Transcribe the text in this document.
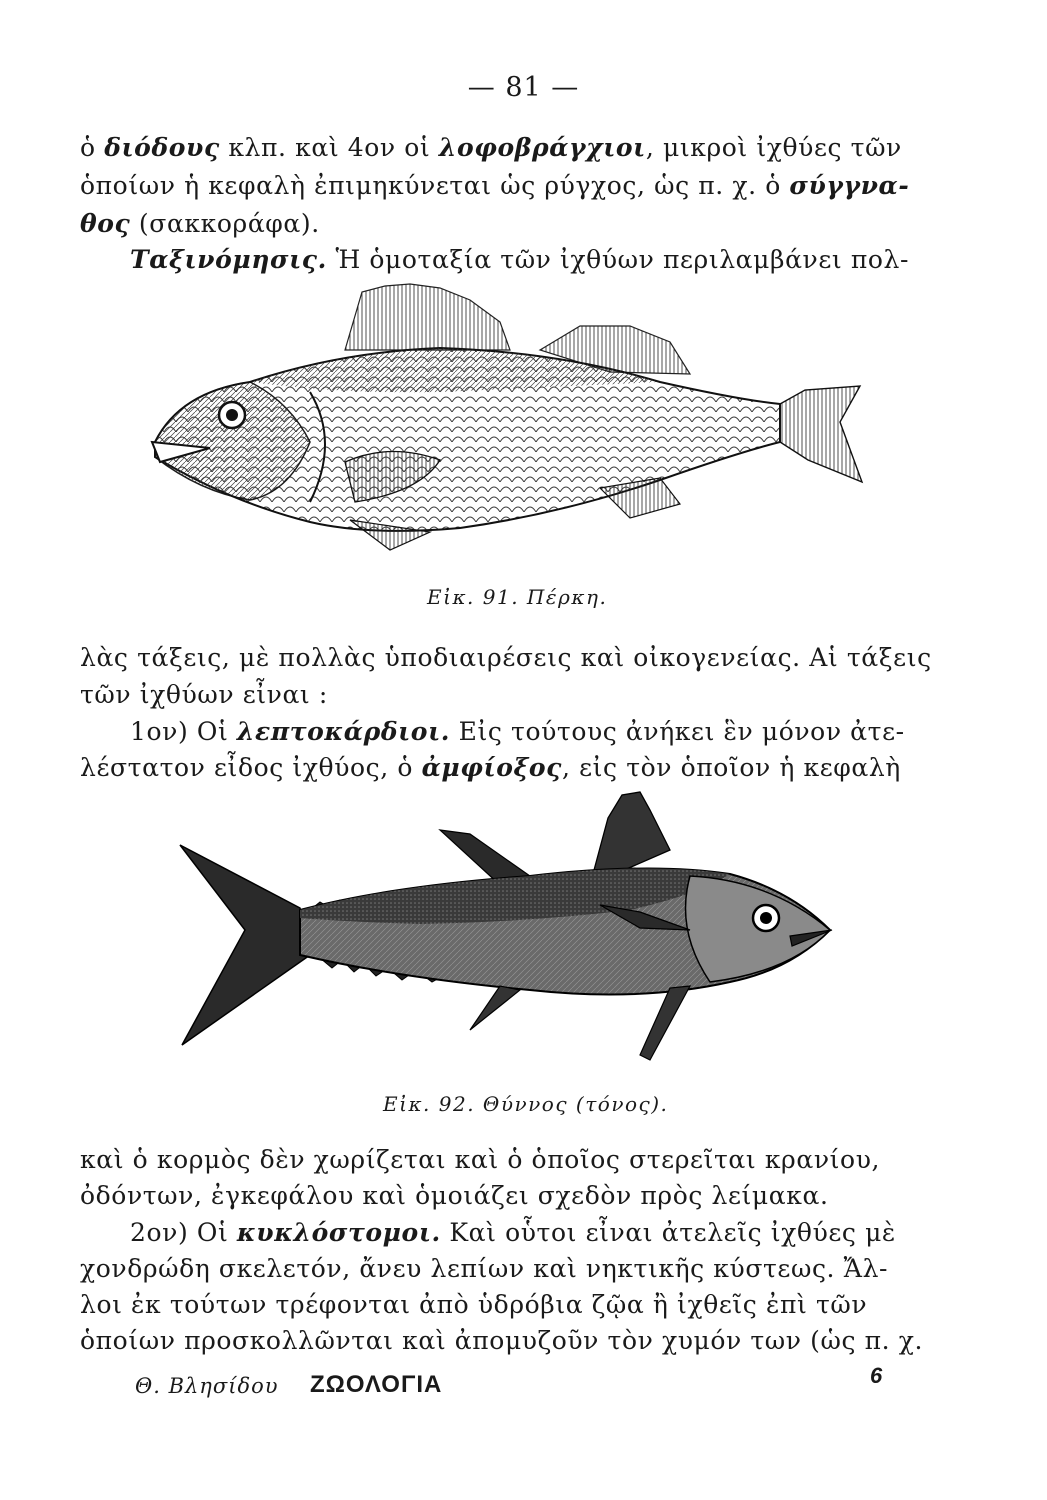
— 81 —
ὁ διόδους κλπ. καὶ 4ον οἱ λοφοβράγχιοι, μικροὶ ἰχθύες τῶν
ὁποίων ἡ κεφαλὴ ἐπιμηκύνεται ὡς ρύγχος, ὡς π. χ. ὁ σύγγνα-
θος (σακκοράφα).
Ταξινόμησις. Ἡ ὁμοταξία τῶν ἰχθύων περιλαμβάνει πολ-
Εἰκ. 91. Πέρκη.
λὰς τάξεις, μὲ πολλὰς ὑποδιαιρέσεις καὶ οἰκογενείας. Αἱ τάξεις
τῶν ἰχθύων εἶναι :
1ον) Οἱ λεπτοκάρδιοι. Εἰς τούτους ἀνήκει ἓν μόνον ἀτε-
λέστατον εἶδος ἰχθύος, ὁ ἀμφίοξος, εἰς τὸν ὁποῖον ἡ κεφαλὴ
Εἰκ. 92. Θύννος (τόνος).
καὶ ὁ κορμὸς δὲν χωρίζεται καὶ ὁ ὁποῖος στερεῖται κρανίου,
ὀδόντων, ἐγκεφάλου καὶ ὁμοιάζει σχεδὸν πρὸς λείμακα.
2ον) Οἱ κυκλόστομοι. Καὶ οὗτοι εἶναι ἀτελεῖς ἰχθύες μὲ
χονδρώδη σκελετόν, ἄνευ λεπίων καὶ νηκτικῆς κύστεως. Ἄλ-
λοι ἐκ τούτων τρέφονται ἀπὸ ὑδρόβια ζῷα ἢ ἰχθεῖς ἐπὶ τῶν
ὁποίων προσκολλῶνται καὶ ἀπομυζοῦν τὸν χυμόν των (ὡς π. χ.
Θ. Βλησίδου ΖΩΟΛΟΓΙΑ	6
